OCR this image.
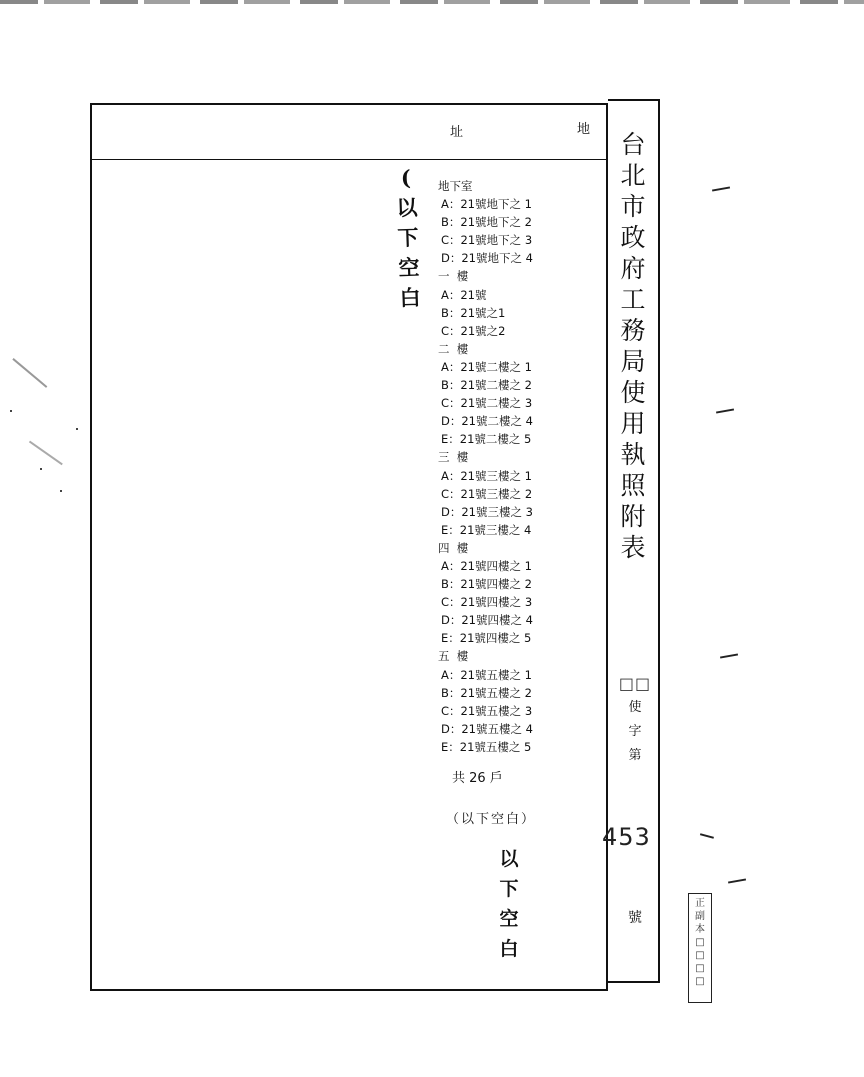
址	地
台
北
市
政
府
工
務
局
使
用
執
照
附
表
□□
使
字
第
453
號
地下室
A：21號地下之 1
B：21號地下之 2
C：21號地下之 3
D：21號地下之 4
一  樓
A：21號
B：21號之1
C：21號之2
二  樓
A：21號二樓之 1
B：21號二樓之 2
C：21號二樓之 3
D：21號二樓之 4
E：21號二樓之 5
三  樓
A：21號三樓之 1
C：21號三樓之 2
D：21號三樓之 3
E：21號三樓之 4
四  樓
A：21號四樓之 1
B：21號四樓之 2
C：21號四樓之 3
D：21號四樓之 4
E：21號四樓之 5
五  樓
A：21號五樓之 1
B：21號五樓之 2
C：21號五樓之 3
D：21號五樓之 4
E：21號五樓之 5
共 26 戶
（以下空白）
(
以
下
空
白
以
下
空
白
正
副
本
□
□
□
□
